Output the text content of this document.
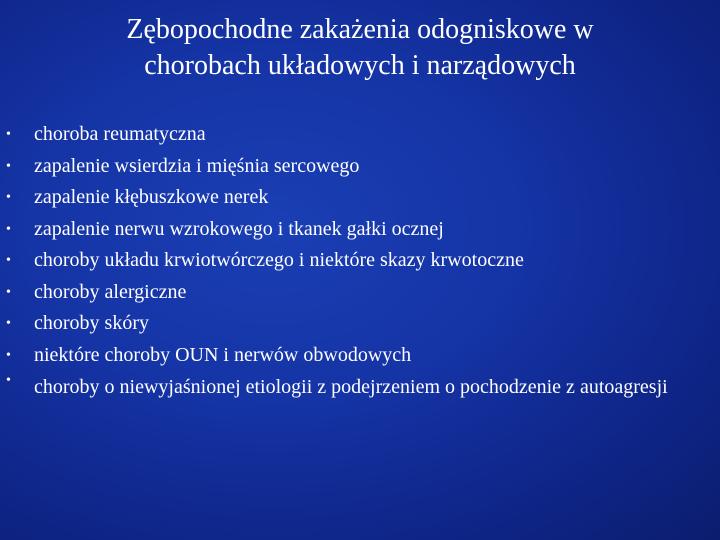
Zębopochodne zakażenia odogniskowe w
chorobach układowych i narządowych
• choroba reumatyczna
• zapalenie wsierdzia i mięśnia sercowego
• zapalenie kłębuszkowe nerek
• zapalenie nerwu wzrokowego i tkanek gałki ocznej
• choroby układu krwiotwórczego i niektóre skazy krwotoczne
• choroby alergiczne
• choroby skóry
• niektóre choroby OUN i nerwów obwodowych
• choroby o niewyjaśnionej etiologii z podejrzeniem o pochodzenie z autoagresji
